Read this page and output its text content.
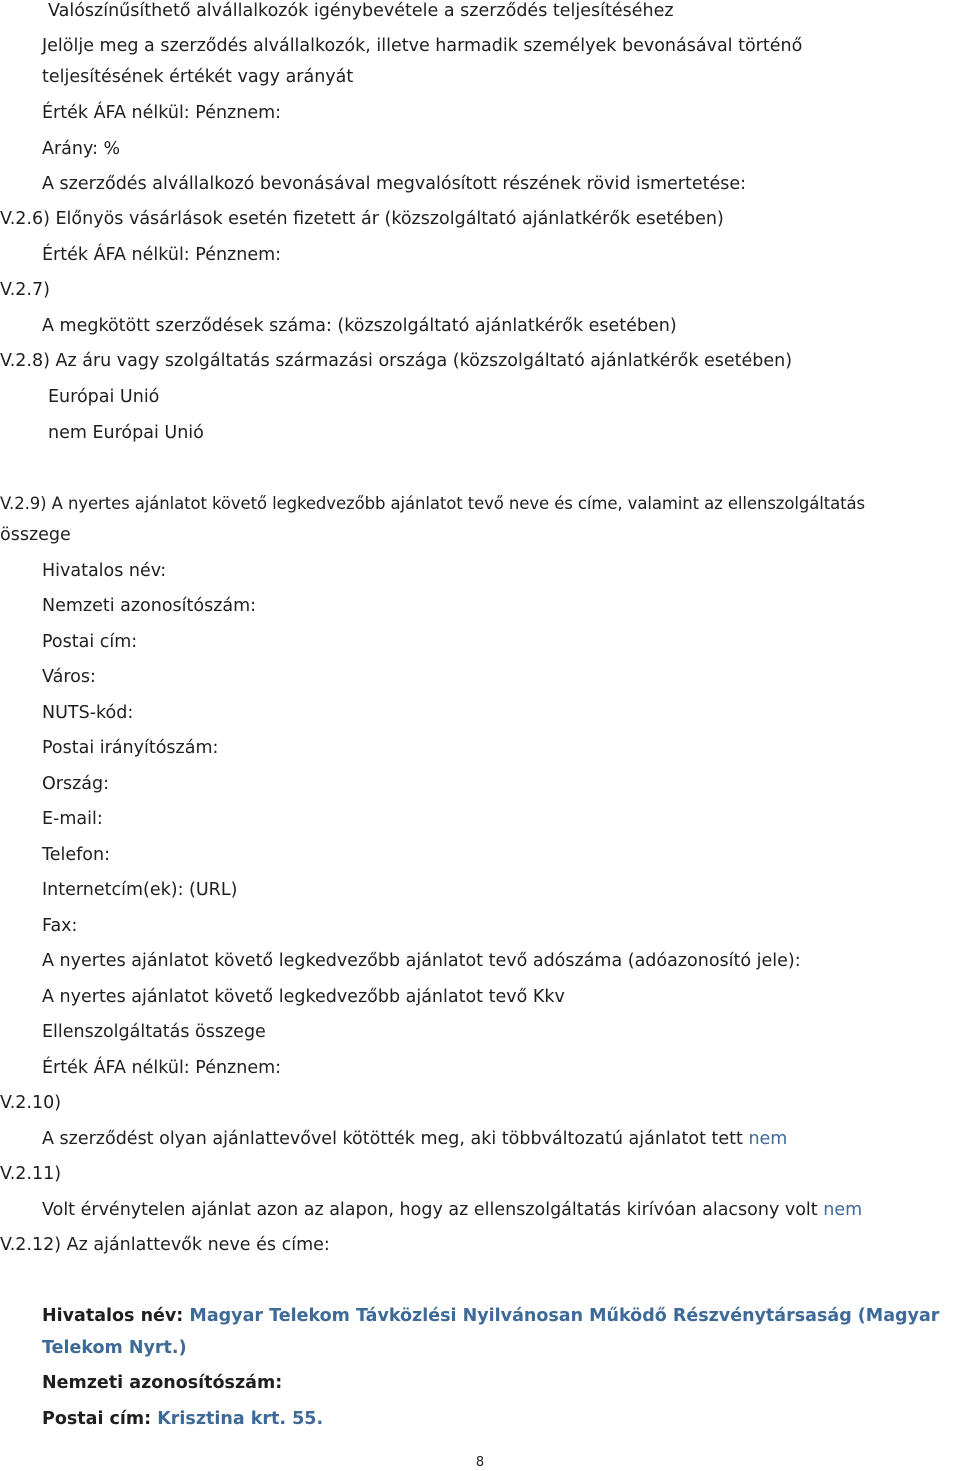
Valószínűsíthető alvállalkozók igénybevétele a szerződés teljesítéséhez
Jelölje meg a szerződés alvállalkozók, illetve harmadik személyek bevonásával történő
teljesítésének értékét vagy arányát
Érték ÁFA nélkül: Pénznem:
Arány: %
A szerződés alvállalkozó bevonásával megvalósított részének rövid ismertetése:
V.2.6) Előnyös vásárlások esetén fizetett ár (közszolgáltató ajánlatkérők esetében)
Érték ÁFA nélkül: Pénznem:
V.2.7)
A megkötött szerződések száma: (közszolgáltató ajánlatkérők esetében)
V.2.8) Az áru vagy szolgáltatás származási országa (közszolgáltató ajánlatkérők esetében)
Európai Unió
nem Európai Unió
V.2.9) A nyertes ajánlatot követő legkedvezőbb ajánlatot tevő neve és címe, valamint az ellenszolgáltatás
összege
Hivatalos név:
Nemzeti azonosítószám:
Postai cím:
Város:
NUTS-kód:
Postai irányítószám:
Ország:
E-mail:
Telefon:
Internetcím(ek): (URL)
Fax:
A nyertes ajánlatot követő legkedvezőbb ajánlatot tevő adószáma (adóazonosító jele):
A nyertes ajánlatot követő legkedvezőbb ajánlatot tevő Kkv
Ellenszolgáltatás összege
Érték ÁFA nélkül: Pénznem:
V.2.10)
A szerződést olyan ajánlattevővel kötötték meg, aki többváltozatú ajánlatot tett nem
V.2.11)
Volt érvénytelen ajánlat azon az alapon, hogy az ellenszolgáltatás kirívóan alacsony volt nem
V.2.12) Az ajánlattevők neve és címe:
Hivatalos név: Magyar Telekom Távközlési Nyilvánosan Működő Részvénytársaság (Magyar
Telekom Nyrt.)
Nemzeti azonosítószám:
Postai cím: Krisztina krt. 55.
8
